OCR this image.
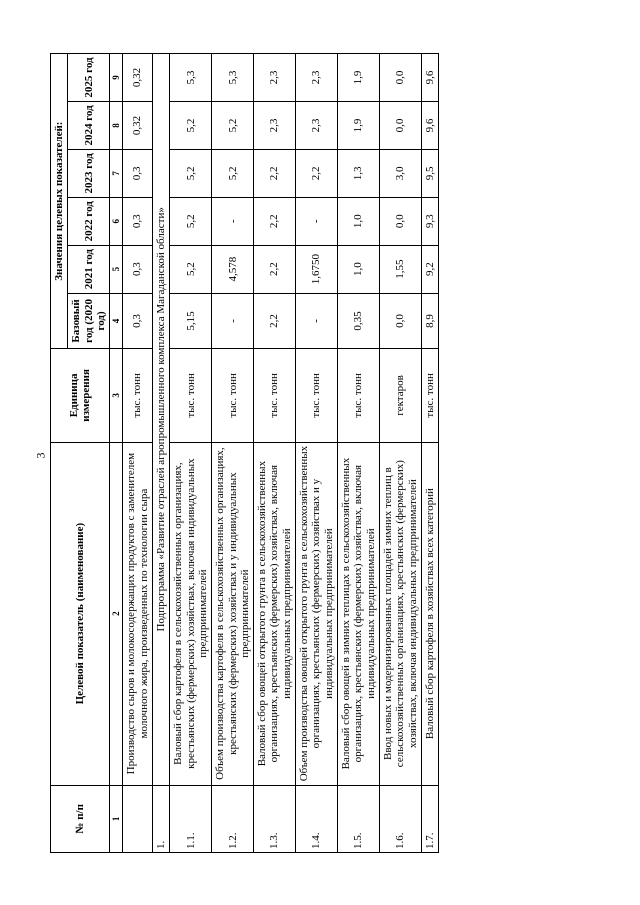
3
№ п/п	Целевой показатель (наименование)	Единица измерения	Значения целевых показателей:					
			Базовый год (2020 год)	2021 год	2022 год	2023 год	2024 год	2025 год
1	2	3	4	5	6	7	8	9
	Производство сыров и молокосодержащих продуктов с заменителем молочного жира, произведенных по технологии сыра	тыс. тонн	0,3	0,3	0,3	0,3	0,32	0,32
1.	Подпрограмма «Развитие отраслей агропромышленного комплекса Магаданской области»							
1.1.	Валовый сбор картофеля в сельскохозяйственных организациях, крестьянских (фермерских) хозяйствах, включая индивидуальных предпринимателей	тыс. тонн	5,15	5,2	5,2	5,2	5,2	5,3
1.2.	Объем производства картофеля в сельскохозяйственных организациях, крестьянских (фермерских) хозяйствах и у индивидуальных предпринимателей	тыс. тонн	-	4,578	-	5,2	5,2	5,3
1.3.	Валовый сбор овощей открытого грунта в сельскохозяйственных организациях, крестьянских (фермерских) хозяйствах, включая индивидуальных предпринимателей	тыс. тонн	2,2	2,2	2,2	2,2	2,3	2,3
1.4.	Объем производства овощей открытого грунта в сельскохозяйственных организациях, крестьянских (фермерских) хозяйствах и у индивидуальных предпринимателей	тыс. тонн	-	1,6750	-	2,2	2,3	2,3
1.5.	Валовый сбор овощей в зимних теплицах в сельскохозяйственных организациях, крестьянских (фермерских) хозяйствах, включая индивидуальных предпринимателей	тыс. тонн	0,35	1,0	1,0	1,3	1,9	1,9
1.6.	Ввод новых и модернизированных площадей зимних теплиц в сельскохозяйственных организациях, крестьянских (фермерских) хозяйствах, включая индивидуальных предпринимателей	гектаров	0,0	1,55	0,0	3,0	0,0	0,0
1.7.	Валовый сбор картофеля в хозяйствах всех категорий	тыс. тонн	8,9	9,2	9,3	9,5	9,6	9,6
